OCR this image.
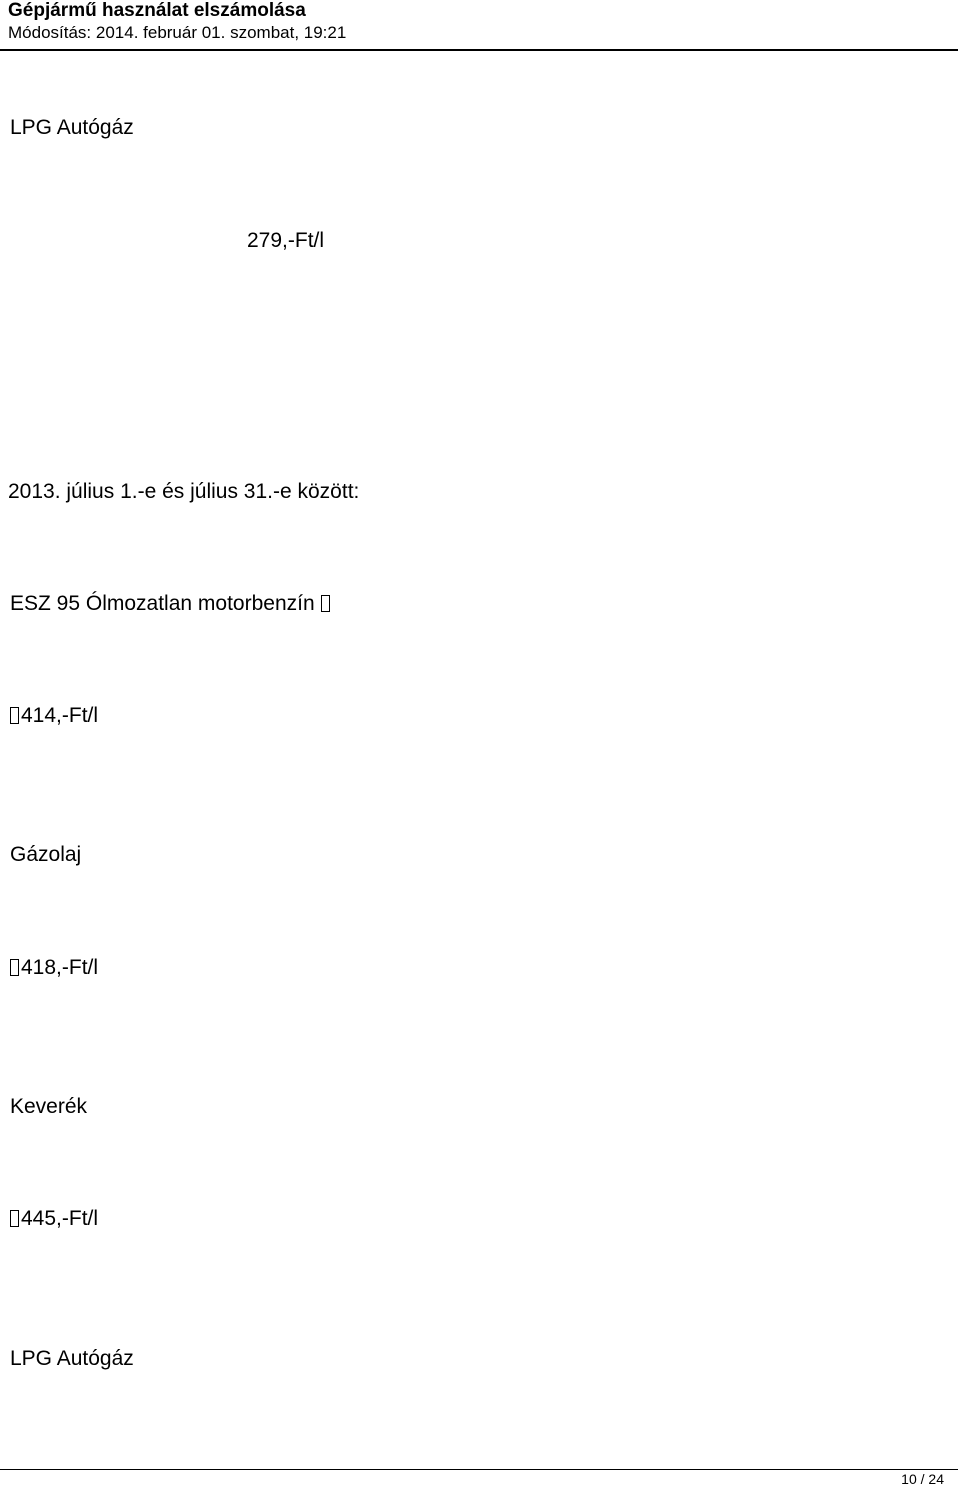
Gépjármű használat elszámolása
Módosítás: 2014. február 01. szombat, 19:21
LPG Autógáz
279,-Ft/l
2013. július 1.-e és július 31.-e között:
ESZ 95 Ólmozatlan motorbenzín
414,-Ft/l
Gázolaj
418,-Ft/l
Keverék
445,-Ft/l
LPG Autógáz
10 / 24
